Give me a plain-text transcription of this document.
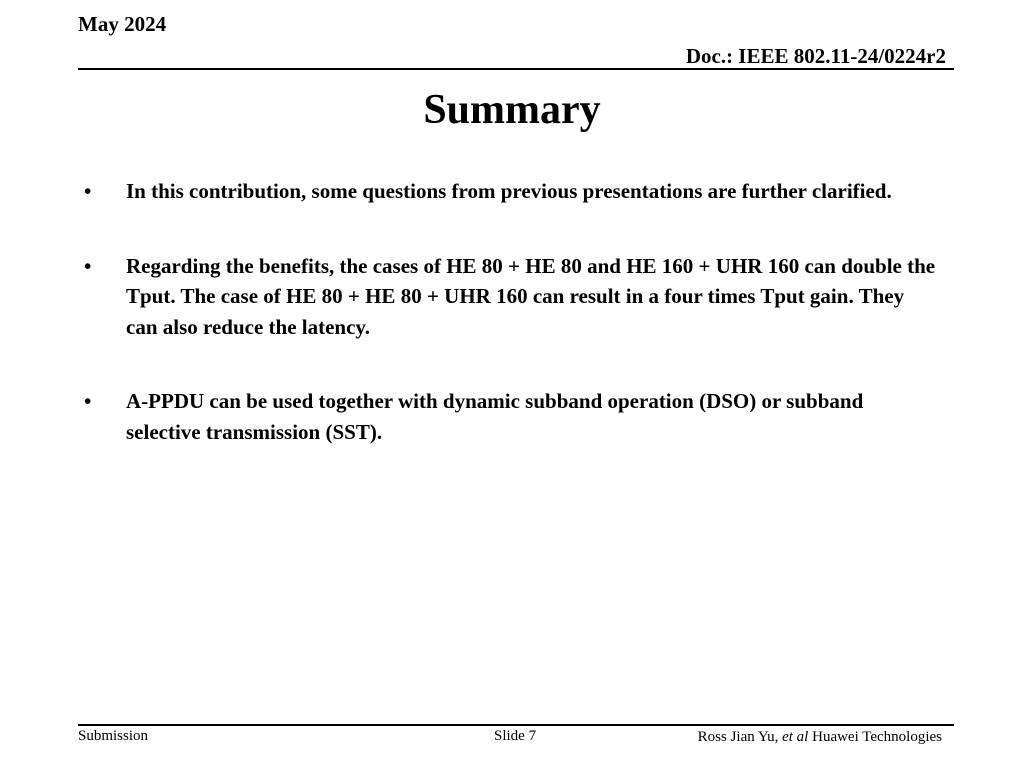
May 2024
Doc.: IEEE 802.11-24/0224r2
Summary
• In this contribution, some questions from previous presentations are further clarified.
• Regarding the benefits, the cases of HE 80 + HE 80 and HE 160 + UHR 160 can double the Tput. The case of HE 80 + HE 80 + UHR 160 can result in a four times Tput gain. They can also reduce the latency.
• A-PPDU can be used together with dynamic subband operation (DSO) or subband selective transmission (SST).
Submission	Slide 7	Ross Jian Yu, et al Huawei Technologies
